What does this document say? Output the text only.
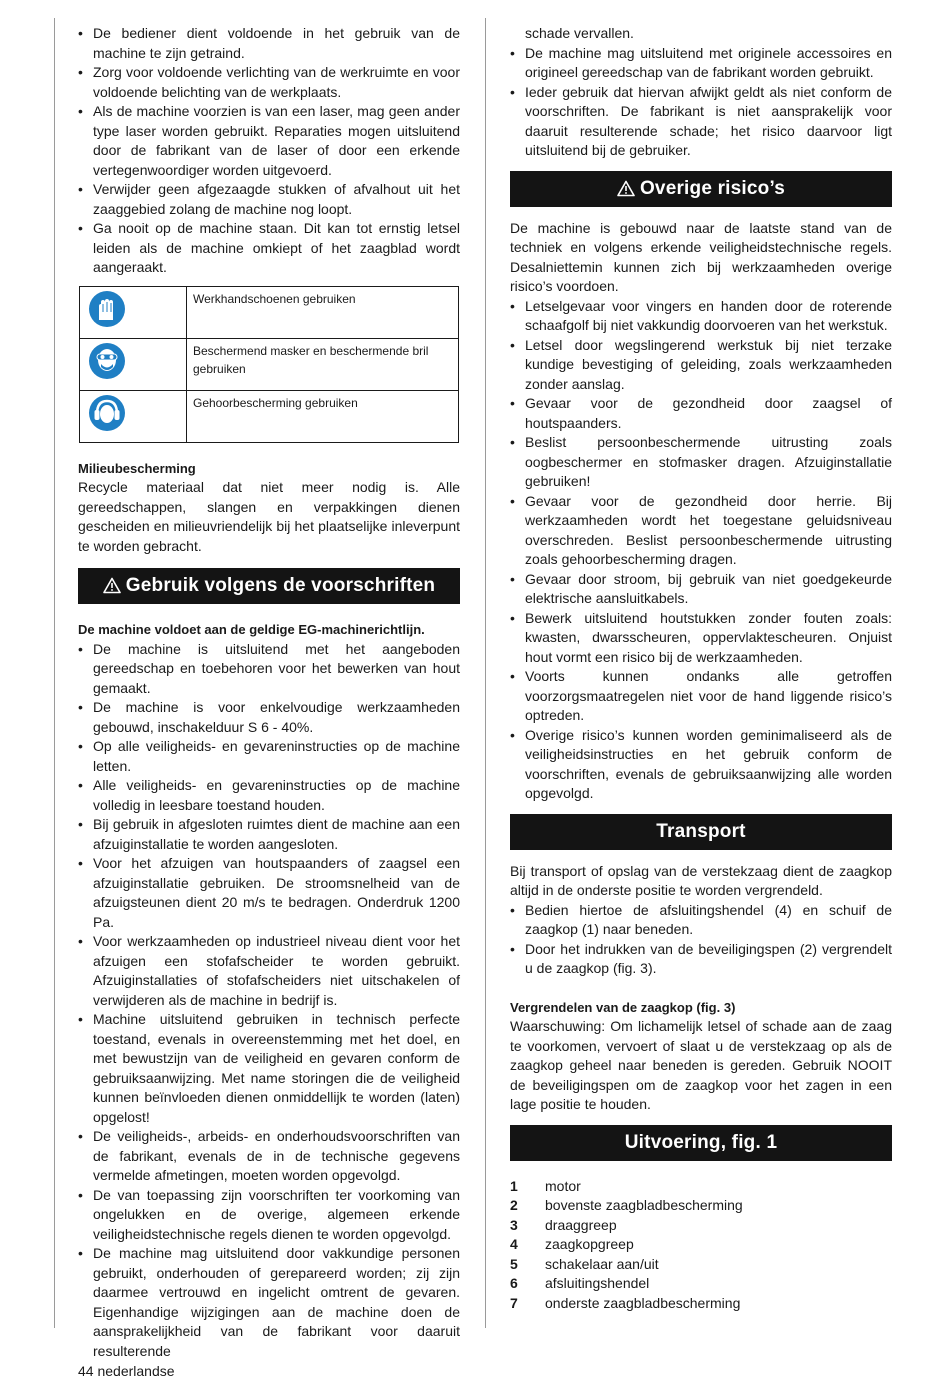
• De bediener dient voldoende in het gebruik van de machine te zijn getraind.
• Zorg voor voldoende verlichting van de werkruimte en voor voldoende belichting van de werkplaats.
• Als de machine voorzien is van een laser, mag geen ander type laser worden gebruikt. Reparaties mogen uitsluitend door de fabrikant van de laser of door een erkende vertegenwoordiger worden uitgevoerd.
• Verwijder geen afgezaagde stukken of afvalhout uit het zaaggebied zolang de machine nog loopt.
• Ga nooit op de machine staan. Dit kan tot ernstig letsel leiden als de machine omkiept of het zaagblad wordt aangeraakt.
	Werkhandschoenen gebruiken
	Beschermend masker en beschermende bril gebruiken
	Gehoorbescherming gebruiken
Milieubescherming

Recycle materiaal dat niet meer nodig is. Alle gereedschappen, slangen en verpakkingen dienen gescheiden en milieuvriendelijk bij het plaatselijke inleverpunt te worden gebracht.

Gebruik volgens de voorschriften
De machine voldoet aan de geldige EG-machinerichtlijn.
• De machine is uitsluitend met het aangeboden gereedschap en toebehoren voor het bewerken van hout gemaakt.
• De machine is voor enkelvoudige werkzaamheden gebouwd, inschakelduur S 6 - 40%.
• Op alle veiligheids- en gevareninstructies op de machine letten.
• Alle veiligheids- en gevareninstructies op de machine volledig in leesbare toestand houden.
• Bij gebruik in afgesloten ruimtes dient de machine aan een afzuiginstallatie te worden aangesloten.
• Voor het afzuigen van houtspaanders of zaagsel een afzuiginstallatie gebruiken. De stroomsnelheid van de afzuigsteunen dient 20 m/s te bedragen. Onderdruk 1200 Pa.
• Voor werkzaamheden op industrieel niveau dient voor het afzuigen een stofafscheider te worden gebruikt. Afzuiginstallaties of stofafscheiders niet uitschakelen of verwijderen als de machine in bedrijf is.
• Machine uitsluitend gebruiken in technisch perfecte toestand, evenals in overeenstemming met het doel, en met bewustzijn van de veiligheid en gevaren conform de gebruiksaanwijzing. Met name storingen die de veiligheid kunnen beïnvloeden dienen onmiddellijk te worden (laten) opgelost!
• De veiligheids-, arbeids- en onderhoudsvoorschriften van de fabrikant, evenals de in de technische gegevens vermelde afmetingen, moeten worden opgevolgd.
• De van toepassing zijn voorschriften ter voorkoming van ongelukken en de overige, algemeen erkende veiligheidstechnische regels dienen te worden opgevolgd.
• De machine mag uitsluitend door vakkundige personen gebruikt, onderhouden of gerepareerd worden; zij zijn daarmee vertrouwd en ingelicht omtrent de gevaren. Eigenhandige wijzigingen aan de machine doen de aansprakelijkheid van de fabrikant voor daaruit resulterende

schade vervallen.

• De machine mag uitsluitend met originele accessoires en origineel gereedschap van de fabrikant worden gebruikt.
• Ieder gebruik dat hiervan afwijkt geldt als niet conform de voorschriften. De fabrikant is niet aansprakelijk voor daaruit resulterende schade; het risico daarvoor ligt uitsluitend bij de gebruiker.
Overige risico’s

De machine is gebouwd naar de laatste stand van de techniek en volgens erkende veiligheidstechnische regels. Desalniettemin kunnen zich bij werkzaamheden overige risico’s voordoen.

• Letselgevaar voor vingers en handen door de roterende schaafgolf bij niet vakkundig doorvoeren van het werkstuk.
• Letsel door wegslingerend werkstuk bij niet terzake kundige bevestiging of geleiding, zoals werkzaamheden zonder aanslag.
• Gevaar voor de gezondheid door zaagsel of houtspaanders.
• Beslist persoonbeschermende uitrusting zoals oogbeschermer en stofmasker dragen. Afzuiginstallatie gebruiken!
• Gevaar voor de gezondheid door herrie. Bij werkzaamheden wordt het toegestane geluidsniveau overschreden. Beslist persoonbeschermende uitrusting zoals gehoorbescherming dragen.
• Gevaar door stroom, bij gebruik van niet goedgekeurde elektrische aansluitkabels.
• Bewerk uitsluitend houtstukken zonder fouten zoals: kwasten, dwarsscheuren, oppervlaktescheuren. Onjuist hout vormt een risico bij de werkzaamheden.
• Voorts kunnen ondanks alle getroffen voorzorgsmaatregelen niet voor de hand liggende risico’s optreden.
• Overige risico’s kunnen worden geminimaliseerd als de veiligheidsinstructies en het gebruik conform de voorschriften, evenals de gebruiksaanwijzing alle worden opgevolgd.
Transport

Bij transport of opslag van de verstekzaag dient de zaagkop altijd in de onderste positie te worden vergrendeld.

• Bedien hiertoe de afsluitingshendel (4) en schuif de zaagkop (1) naar beneden.
• Door het indrukken van de beveiligingspen (2) vergrendelt u de zaagkop (fig. 3).
Vergrendelen van de zaagkop (fig. 3)

Waarschuwing: Om lichamelijk letsel of schade aan de zaag te voorkomen, vervoert of slaat u de verstekzaag op als de zaagkop geheel naar beneden is gereden. Gebruik NOOIT de beveiligingspen om de zaagkop voor het zagen in een lage positie te houden.

Uitvoering, fig. 1
1	motor
2	bovenste zaagbladbescherming
3	draaggreep
4	zaagkopgreep
5	schakelaar aan/uit
6	afsluitingshendel
7	onderste zaagbladbescherming
44 nederlandse
